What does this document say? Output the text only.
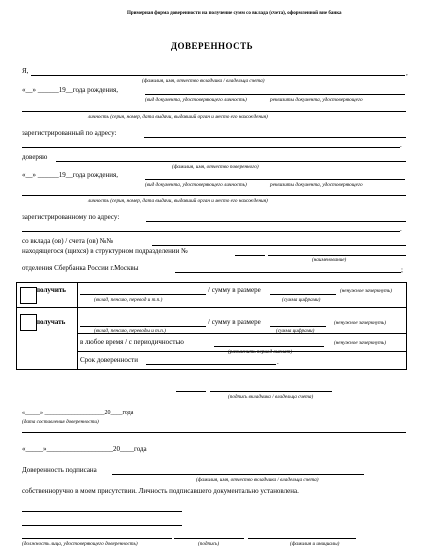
Примерная форма доверенности на получение сумм со вклада (счета), оформленной вне банка
ДОВЕРЕННОСТЬ
Я,	,
(фамилия, имя, отчество вкладчика / владельца счета)
«__» ______19__года рождения,
(вид документа, удостоверяющего личность)	реквизиты документа, удостоверяющего
личность (серия, номер, дата выдачи, выдавший орган и место его нахождения)
зарегистрированный по адресу:
.
доверяю
(фамилия, имя, отчество поверенного)
«__» ______19__года рождения,
(вид документа, удостоверяющего личность)	реквизиты документа, удостоверяющего
личность (серия, номер, дата выдачи, выдавший орган и место его нахождения)
зарегистрированному по адресу:
.
со вклада (ов) / счета (ов) №№
находящегося (щихся) в структурном подразделении №
(наименование)
отделения Сбербанка России г.Москвы	;
получить	/ сумму в размере	(ненужное зачеркнуть)
(вклад, пенсию, перевод и т.п.)	(сумма цифрами)
получать	/ сумму в размере	(ненужное зачеркнуть)
(вклад, пенсию, переводы и т.п.)	(сумма цифрами)
в любое время / с периодичностью	(ненужное зачеркнуть)
(разъяснить период выплат)
Срок доверенности	.
(подпись вкладчика / владельца счета)
«_____» ____________________20____года
(дата составления доверенности)
«_____»___________________20____года
Доверенность подписана
(фамилия, имя, отчество вкладчика / владельца счета)
собственноручно в моем присутствии. Личность подписавшего документально установлена.
(должность лица, удостоверяющего доверенность)	(подпись)	(фамилия и инициалы)
